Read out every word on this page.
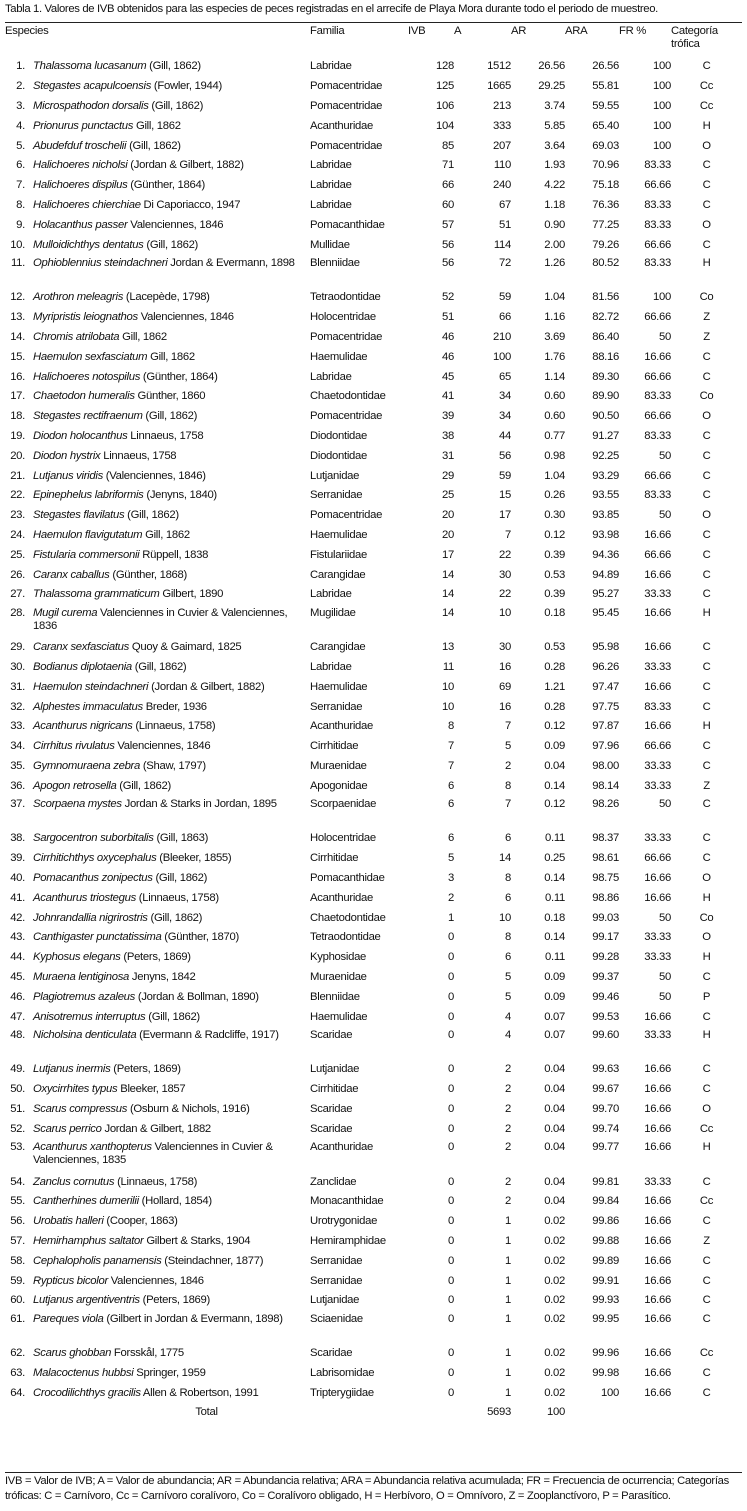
Tabla 1. Valores de IVB obtenidos para las especies de peces registradas en el arrecife de Playa Mora durante todo el periodo de muestreo.
Especies	Familia	IVB	A	AR	ARA	FR %	Categoría
trófica
1. Thalassoma lucasanum (Gill, 1862)	Labridae	128	1512	26.56	26.56	100	C
2. Stegastes acapulcoensis (Fowler, 1944)	Pomacentridae	125	1665	29.25	55.81	100	Cc
3. Microspathodon dorsalis (Gill, 1862)	Pomacentridae	106	213	3.74	59.55	100	Cc
4. Prionurus punctactus Gill, 1862	Acanthuridae	104	333	5.85	65.40	100	H
5. Abudefduf troschelii (Gill, 1862)	Pomacentridae	85	207	3.64	69.03	100	O
6. Halichoeres nicholsi (Jordan & Gilbert, 1882)	Labridae	71	110	1.93	70.96	83.33	C
7. Halichoeres dispilus (Günther, 1864)	Labridae	66	240	4.22	75.18	66.66	C
8. Halichoeres chierchiae Di Caporiacco, 1947	Labridae	60	67	1.18	76.36	83.33	C
9. Holacanthus passer Valenciennes, 1846	Pomacanthidae	57	51	0.90	77.25	83.33	O
10. Mulloidichthys dentatus (Gill, 1862)	Mullidae	56	114	2.00	79.26	66.66	C
11. Ophioblennius steindachneri Jordan & Evermann, 1898	Blenniidae	56	72	1.26	80.52	83.33	H
12. Arothron meleagris (Lacepède, 1798)	Tetraodontidae	52	59	1.04	81.56	100	Co
13. Myripristis leiognathos Valenciennes, 1846	Holocentridae	51	66	1.16	82.72	66.66	Z
14. Chromis atrilobata Gill, 1862	Pomacentridae	46	210	3.69	86.40	50	Z
15. Haemulon sexfasciatum Gill, 1862	Haemulidae	46	100	1.76	88.16	16.66	C
16. Halichoeres notospilus (Günther, 1864)	Labridae	45	65	1.14	89.30	66.66	C
17. Chaetodon humeralis Günther, 1860	Chaetodontidae	41	34	0.60	89.90	83.33	Co
18. Stegastes rectifraenum (Gill, 1862)	Pomacentridae	39	34	0.60	90.50	66.66	O
19. Diodon holocanthus Linnaeus, 1758	Diodontidae	38	44	0.77	91.27	83.33	C
20. Diodon hystrix Linnaeus, 1758	Diodontidae	31	56	0.98	92.25	50	C
21. Lutjanus viridis (Valenciennes, 1846)	Lutjanidae	29	59	1.04	93.29	66.66	C
22. Epinephelus labriformis (Jenyns, 1840)	Serranidae	25	15	0.26	93.55	83.33	C
23. Stegastes flavilatus (Gill, 1862)	Pomacentridae	20	17	0.30	93.85	50	O
24. Haemulon flavigutatum Gill, 1862	Haemulidae	20	7	0.12	93.98	16.66	C
25. Fistularia commersonii Rüppell, 1838	Fistulariidae	17	22	0.39	94.36	66.66	C
26. Caranx caballus (Günther, 1868)	Carangidae	14	30	0.53	94.89	16.66	C
27. Thalassoma grammaticum Gilbert, 1890	Labridae	14	22	0.39	95.27	33.33	C
28. Mugil curema Valenciennes in Cuvier & Valenciennes, 1836	Mugilidae	14	10	0.18	95.45	16.66	H
29. Caranx sexfasciatus Quoy & Gaimard, 1825	Carangidae	13	30	0.53	95.98	16.66	C
30. Bodianus diplotaenia (Gill, 1862)	Labridae	11	16	0.28	96.26	33.33	C
31. Haemulon steindachneri (Jordan & Gilbert, 1882)	Haemulidae	10	69	1.21	97.47	16.66	C
32. Alphestes immaculatus Breder, 1936	Serranidae	10	16	0.28	97.75	83.33	C
33. Acanthurus nigricans (Linnaeus, 1758)	Acanthuridae	8	7	0.12	97.87	16.66	H
34. Cirrhitus rivulatus Valenciennes, 1846	Cirrhitidae	7	5	0.09	97.96	66.66	C
35. Gymnomuraena zebra (Shaw, 1797)	Muraenidae	7	2	0.04	98.00	33.33	C
36. Apogon retrosella (Gill, 1862)	Apogonidae	6	8	0.14	98.14	33.33	Z
37. Scorpaena mystes Jordan & Starks in Jordan, 1895	Scorpaenidae	6	7	0.12	98.26	50	C
38. Sargocentron suborbitalis (Gill, 1863)	Holocentridae	6	6	0.11	98.37	33.33	C
39. Cirrhitichthys oxycephalus (Bleeker, 1855)	Cirrhitidae	5	14	0.25	98.61	66.66	C
40. Pomacanthus zonipectus (Gill, 1862)	Pomacanthidae	3	8	0.14	98.75	16.66	O
41. Acanthurus triostegus (Linnaeus, 1758)	Acanthuridae	2	6	0.11	98.86	16.66	H
42. Johnrandallia nigrirostris (Gill, 1862)	Chaetodontidae	1	10	0.18	99.03	50	Co
43. Canthigaster punctatissima (Günther, 1870)	Tetraodontidae	0	8	0.14	99.17	33.33	O
44. Kyphosus elegans (Peters, 1869)	Kyphosidae	0	6	0.11	99.28	33.33	H
45. Muraena lentiginosa Jenyns, 1842	Muraenidae	0	5	0.09	99.37	50	C
46. Plagiotremus azaleus (Jordan & Bollman, 1890)	Blenniidae	0	5	0.09	99.46	50	P
47. Anisotremus interruptus (Gill, 1862)	Haemulidae	0	4	0.07	99.53	16.66	C
48. Nicholsina denticulata (Evermann & Radcliffe, 1917)	Scaridae	0	4	0.07	99.60	33.33	H
49. Lutjanus inermis (Peters, 1869)	Lutjanidae	0	2	0.04	99.63	16.66	C
50. Oxycirrhites typus Bleeker, 1857	Cirrhitidae	0	2	0.04	99.67	16.66	C
51. Scarus compressus (Osburn & Nichols, 1916)	Scaridae	0	2	0.04	99.70	16.66	O
52. Scarus perrico Jordan & Gilbert, 1882	Scaridae	0	2	0.04	99.74	16.66	Cc
53. Acanthurus xanthopterus Valenciennes in Cuvier & Valenciennes, 1835	Acanthuridae	0	2	0.04	99.77	16.66	H
54. Zanclus cornutus (Linnaeus, 1758)	Zanclidae	0	2	0.04	99.81	33.33	C
55. Cantherhines dumerilii (Hollard, 1854)	Monacanthidae	0	2	0.04	99.84	16.66	Cc
56. Urobatis halleri (Cooper, 1863)	Urotrygonidae	0	1	0.02	99.86	16.66	C
57. Hemirhamphus saltator Gilbert & Starks, 1904	Hemiramphidae	0	1	0.02	99.88	16.66	Z
58. Cephalopholis panamensis (Steindachner, 1877)	Serranidae	0	1	0.02	99.89	16.66	C
59. Rypticus bicolor Valenciennes, 1846	Serranidae	0	1	0.02	99.91	16.66	C
60. Lutjanus argentiventris (Peters, 1869)	Lutjanidae	0	1	0.02	99.93	16.66	C
61. Pareques viola (Gilbert in Jordan & Evermann, 1898)	Sciaenidae	0	1	0.02	99.95	16.66	C
62. Scarus ghobban Forsskål, 1775	Scaridae	0	1	0.02	99.96	16.66	Cc
63. Malacoctenus hubbsi Springer, 1959	Labrisomidae	0	1	0.02	99.98	16.66	C
64. Crocodilichthys gracilis Allen & Robertson, 1991	Tripterygiidae	0	1	0.02	100	16.66	C
Total			5693	100			
IVB = Valor de IVB; A = Valor de abundancia; AR = Abundancia relativa; ARA = Abundancia relativa acumulada; FR = Frecuencia de ocurrencia; Categorías tróficas: C = Carnívoro, Cc = Carnívoro coralívoro, Co = Coralívoro obligado, H = Herbívoro, O = Omnívoro, Z = Zooplanctívoro, P = Parasítico.
